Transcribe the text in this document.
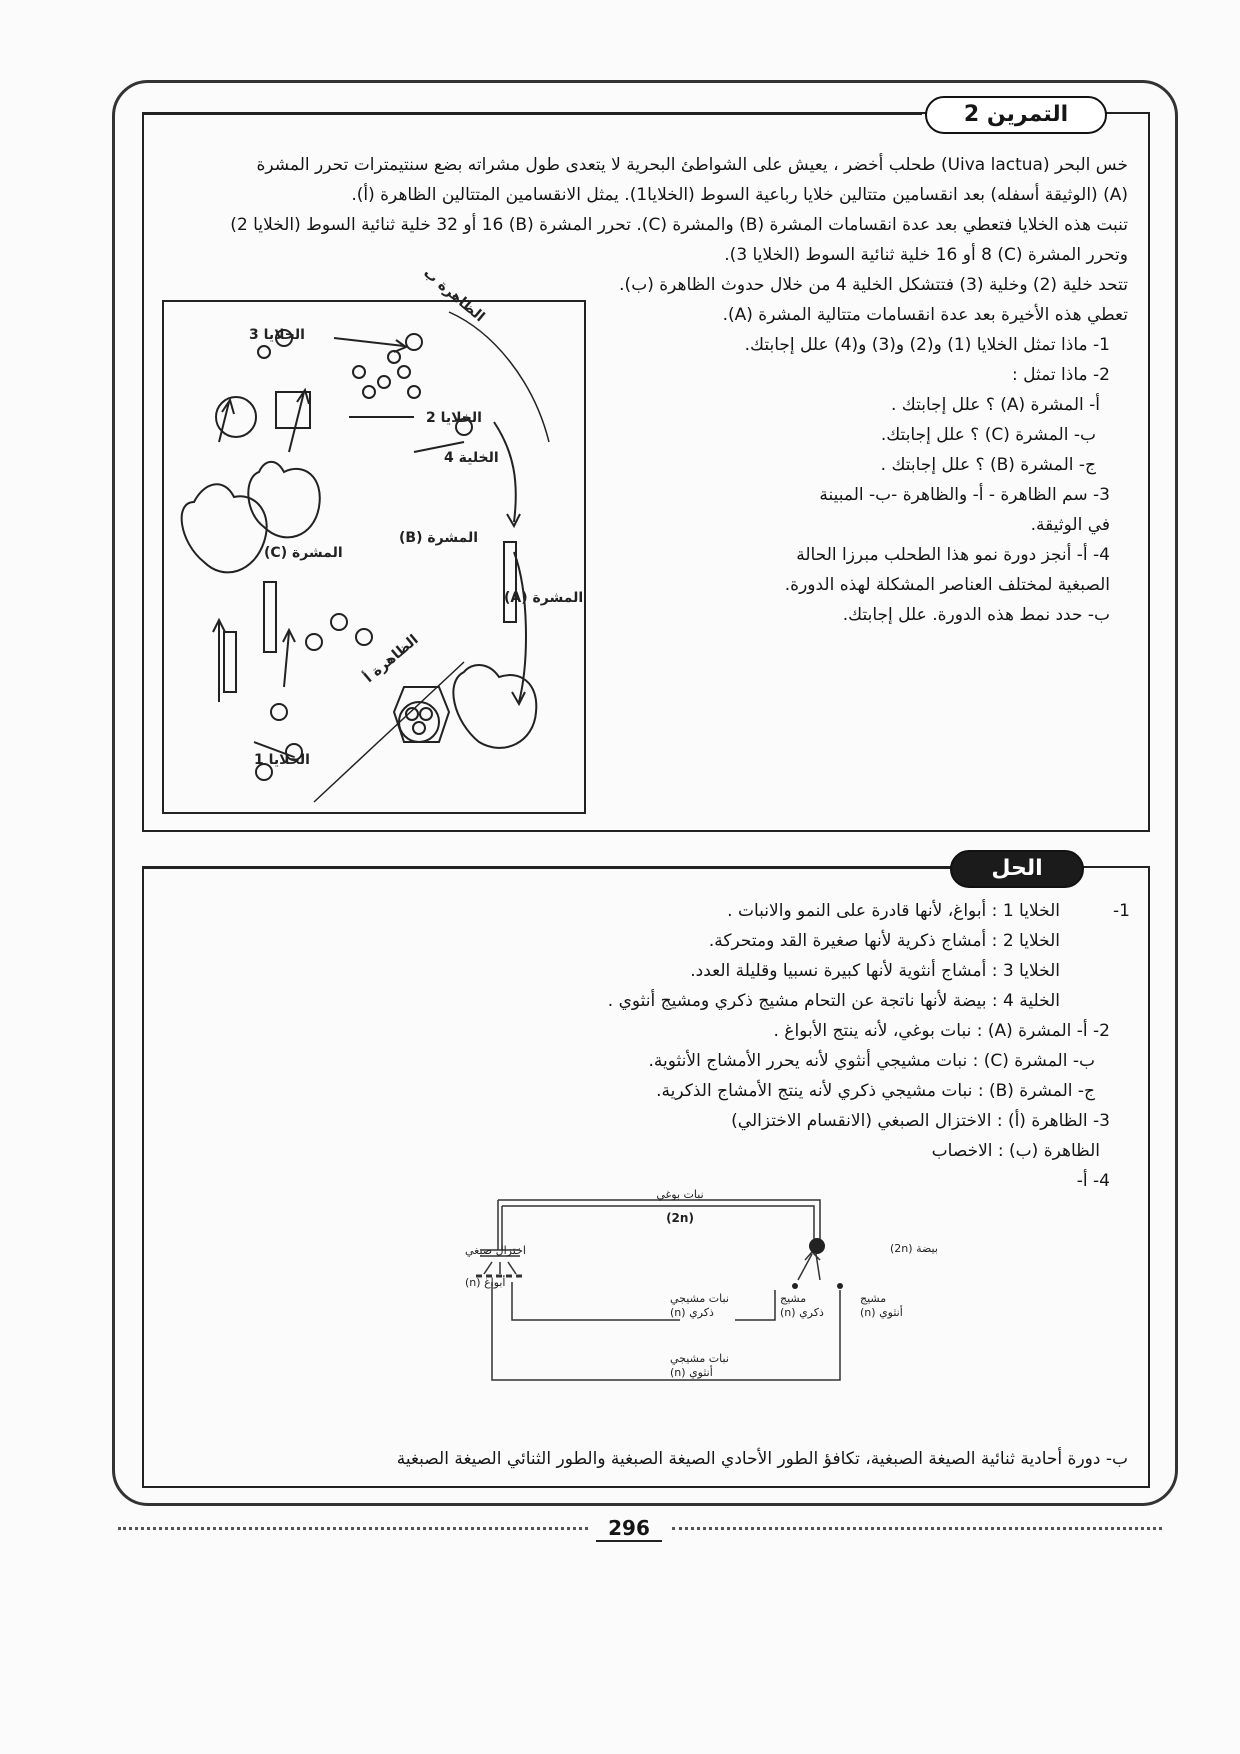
التمرين 2
خس البحر (Uiva lactua) طحلب أخضر ، يعيش على الشواطئ البحرية لا يتعدى طول مشراته بضع سنتيمترات تحرر المشرة
(A) (الوثيقة أسفله) بعد انقسامين متتالين خلايا رباعية السوط (الخلايا1). يمثل الانقسامين المتتالين الظاهرة (أ).
تنبت هذه الخلايا فتعطي بعد عدة انقسامات المشرة (B) والمشرة (C). تحرر المشرة (B) 16 أو 32 خلية ثنائية السوط (الخلايا 2)
وتحرر المشرة (C) 8 أو 16 خلية ثنائية السوط (الخلايا 3).
تتحد خلية (2) وخلية (3) فتتشكل الخلية 4 من خلال حدوث الظاهرة (ب).
تعطي هذه الأخيرة بعد عدة انقسامات متتالية المشرة (A).
1- ماذا تمثل الخلايا (1) و(2) و(3) و(4) علل إجابتك.
2- ماذا تمثل :
أ- المشرة (A) ؟ علل إجابتك .
ب- المشرة (C) ؟ علل إجابتك.
ج- المشرة (B) ؟ علل إجابتك .
3- سم الظاهرة - أ- والظاهرة -ب- المبينة
في الوثيقة.
4- أ- أنجز دورة نمو هذا الطحلب مبرزا الحالة
الصبغية لمختلف العناصر المشكلة لهذه الدورة.
ب- حدد نمط هذه الدورة. علل إجابتك.
الخلايا 3
الظاهرة ب
الخلايا 2
الخلية 4
المشرة (C)
المشرة (B)
المشرة (A)
الظاهرة أ
الخلايا 1
الحل
1-
الخلايا 1 : أبواغ، لأنها قادرة على النمو والانبات .
الخلايا 2 : أمشاج ذكرية لأنها صغيرة القد ومتحركة.
الخلايا 3 : أمشاج أنثوية لأنها كبيرة نسبيا وقليلة العدد.
الخلية 4 : بيضة لأنها ناتجة عن التحام مشيج ذكري ومشيج أنثوي .
2- أ- المشرة (A) : نبات بوغي، لأنه ينتج الأبواغ .
ب- المشرة (C) : نبات مشيجي أنثوي لأنه يحرر الأمشاج الأنثوية.
ج- المشرة (B) : نبات مشيجي ذكري لأنه ينتج الأمشاج الذكرية.
3- الظاهرة (أ) : الاختزال الصبغي (الانقسام الاختزالي)
الظاهرة (ب) : الاخصاب
4- أ-
نبات بوغي
(2n)
اختزال صبغي
أبواغ (n)
بيضة (2n)
نبات مشيجي
ذكري (n)
نبات مشيجي
أنثوي (n)
مشيج
ذكري (n)
مشيج
أنثوي (n)
ب- دورة أحادية ثنائية الصيغة الصبغية، تكافؤ الطور الأحادي الصيغة الصبغية والطور الثنائي الصيغة الصبغية
296
